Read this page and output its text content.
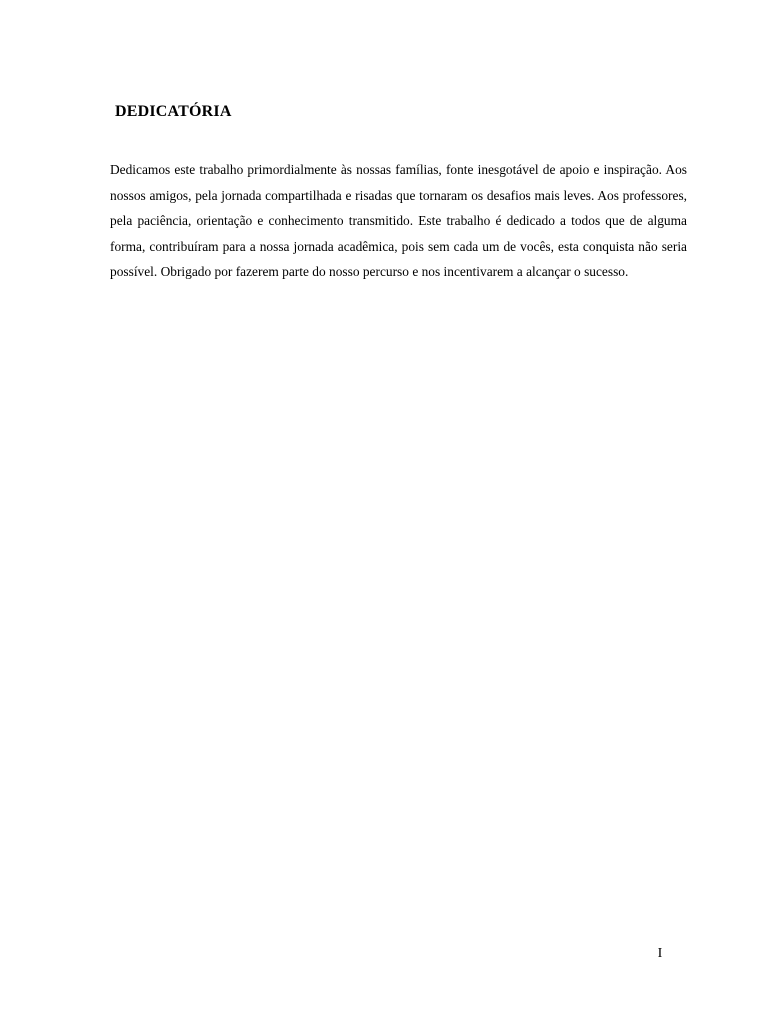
DEDICATÓRIA

Dedicamos este trabalho primordialmente às nossas famílias, fonte inesgotável de apoio e inspiração. Aos nossos amigos, pela jornada compartilhada e risadas que tornaram os desafios mais leves. Aos professores, pela paciência, orientação e conhecimento transmitido. Este trabalho é dedicado a todos que de alguma forma, contribuíram para a nossa jornada acadêmica, pois sem cada um de vocês, esta conquista não seria possível. Obrigado por fazerem parte do nosso percurso e nos incentivarem a alcançar o sucesso.

I
